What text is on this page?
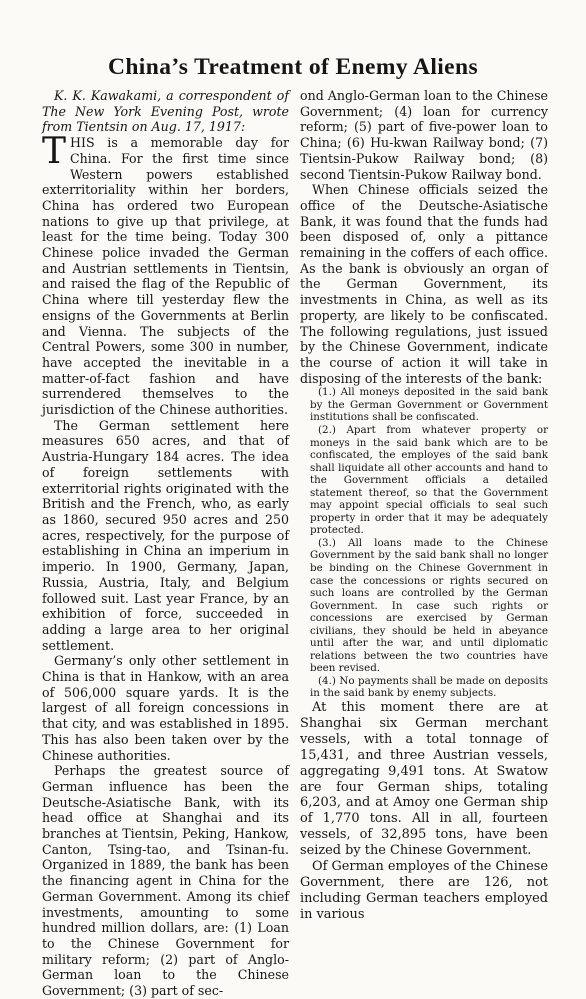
China’s Treatment of Enemy Aliens

K. K. Kawakami, a correspondent of The New York Evening Post, wrote from Tientsin on Aug. 17, 1917:

THIS is a memorable day for China. For the first time since Western powers established exterritoriality within her borders, China has ordered two European nations to give up that privilege, at least for the time being. Today 300 Chinese police invaded the German and Austrian settlements in Tientsin, and raised the flag of the Republic of China where till yesterday flew the ensigns of the Governments at Berlin and Vienna. The subjects of the Central Powers, some 300 in number, have accepted the inevitable in a matter-of-fact fashion and have surrendered themselves to the jurisdiction of the Chinese authorities.

The German settlement here measures 650 acres, and that of Austria-Hungary 184 acres. The idea of foreign settlements with exterritorial rights originated with the British and the French, who, as early as 1860, secured 950 acres and 250 acres, respectively, for the purpose of establishing in China an imperium in imperio. In 1900, Germany, Japan, Russia, Austria, Italy, and Belgium followed suit. Last year France, by an exhibition of force, succeeded in adding a large area to her original settlement.

Germany’s only other settlement in China is that in Hankow, with an area of 506,000 square yards. It is the largest of all foreign concessions in that city, and was established in 1895. This has also been taken over by the Chinese authorities.

Perhaps the greatest source of German influence has been the Deutsche-Asiatische Bank, with its head office at Shanghai and its branches at Tientsin, Peking, Hankow, Canton, Tsing-tao, and Tsinan-fu. Organized in 1889, the bank has been the financing agent in China for the German Government. Among its chief investments, amounting to some hundred million dollars, are: (1) Loan to the Chinese Government for military reform; (2) part of Anglo-German loan to the Chinese Government; (3) part of sec-

ond Anglo-German loan to the Chinese Government; (4) loan for currency reform; (5) part of five-power loan to China; (6) Hu-kwan Railway bond; (7) Tientsin-Pukow Railway bond; (8) second Tientsin-Pukow Railway bond.

When Chinese officials seized the office of the Deutsche-Asiatische Bank, it was found that the funds had been disposed of, only a pittance remaining in the coffers of each office. As the bank is obviously an organ of the German Government, its investments in China, as well as its property, are likely to be confiscated. The following regulations, just issued by the Chinese Government, indicate the course of action it will take in disposing of the interests of the bank:

(1.) All moneys deposited in the said bank by the German Government or Government institutions shall be confiscated.

(2.) Apart from whatever property or moneys in the said bank which are to be confiscated, the employes of the said bank shall liquidate all other accounts and hand to the Government officials a detailed statement thereof, so that the Government may appoint special officials to seal such property in order that it may be adequately protected.

(3.) All loans made to the Chinese Government by the said bank shall no longer be binding on the Chinese Government in case the concessions or rights secured on such loans are controlled by the German Government. In case such rights or concessions are exercised by German civilians, they should be held in abeyance until after the war, and until diplomatic relations between the two countries have been revised.

(4.) No payments shall be made on deposits in the said bank by enemy subjects.

At this moment there are at Shanghai six German merchant vessels, with a total tonnage of 15,431, and three Austrian vessels, aggregating 9,491 tons. At Swatow are four German ships, totaling 6,203, and at Amoy one German ship of 1,770 tons. All in all, fourteen vessels, of 32,895 tons, have been seized by the Chinese Government.

Of German employes of the Chinese Government, there are 126, not including German teachers employed in various
